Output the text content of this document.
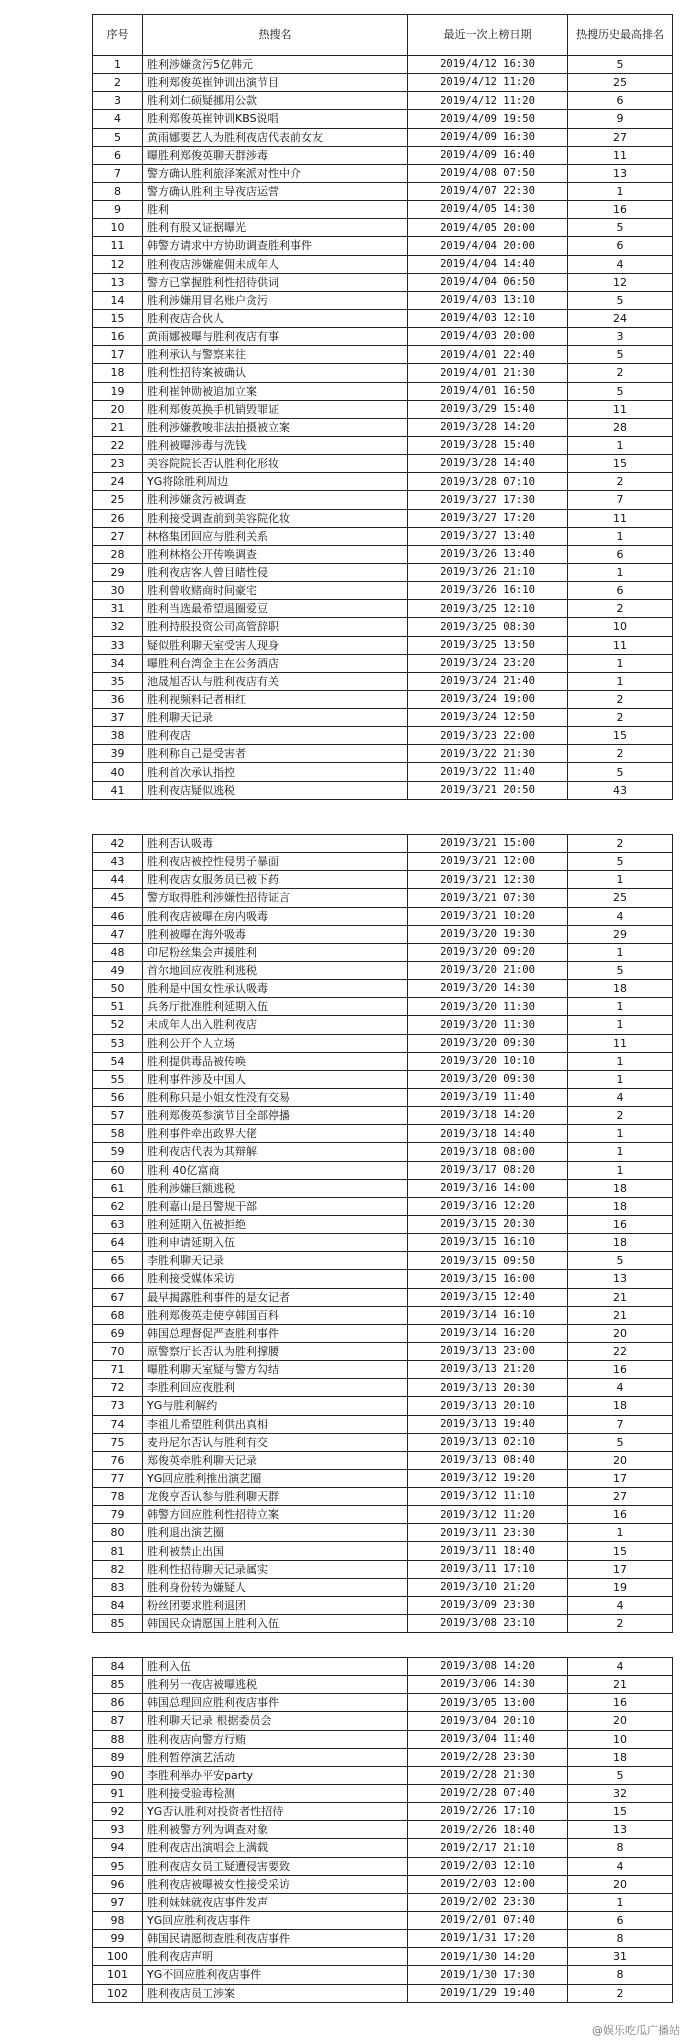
序号	热搜名	最近一次上榜日期	热搜历史最高排名
1	胜利涉嫌贪污5亿韩元	2019/4/12 16:30	5
2	胜利郑俊英崔钟训出演节目	2019/4/12 11:20	25
3	胜利刘仁硕疑挪用公款	2019/4/12 11:20	6
4	胜利郑俊英崔钟训KBS说唱	2019/4/09 19:50	9
5	黄雨娜要艺人为胜利夜店代表前女友	2019/4/09 16:30	27
6	曝胜利郑俊英聊天群涉毒	2019/4/09 16:40	11
7	警方确认胜利旅泽案派对性中介	2019/4/08 07:50	13
8	警方确认胜利主导夜店运营	2019/4/07 22:30	1
9	胜利	2019/4/05 14:30	16
10	胜利有股又证据曝光	2019/4/05 20:00	5
11	韩警方请求中方协助调查胜利事件	2019/4/04 20:00	6
12	胜利夜店涉嫌雇佣未成年人	2019/4/04 14:40	4
13	警方已掌握胜利性招待供词	2019/4/04 06:50	12
14	胜利涉嫌用冒名账户贪污	2019/4/03 13:10	5
15	胜利夜店合伙人	2019/4/03 12:10	24
16	黄雨娜被曝与胜利夜店有事	2019/4/03 20:00	3
17	胜利承认与警察来往	2019/4/01 22:40	5
18	胜利性招待案被确认	2019/4/01 21:30	2
19	胜利崔钟勋被追加立案	2019/4/01 16:50	5
20	胜利郑俊英换手机销毁罪证	2019/3/29 15:40	11
21	胜利涉嫌教唆非法拍摄被立案	2019/3/28 14:20	28
22	胜利被曝涉毒与洗钱	2019/3/28 15:40	1
23	美容院院长否认胜利化形妆	2019/3/28 14:40	15
24	YG将除胜利周边	2019/3/28 07:10	2
25	胜利涉嫌贪污被调查	2019/3/27 17:30	7
26	胜利接受调查前到美容院化妆	2019/3/27 17:20	11
27	林格集团回应与胜利关系	2019/3/27 13:40	1
28	胜利林格公开传唤调查	2019/3/26 13:40	6
29	胜利夜店客人曾目睹性侵	2019/3/26 21:10	1
30	胜利曾收赌商时间豪宅	2019/3/26 16:10	6
31	胜利当选最希望退圈爱豆	2019/3/25 12:10	2
32	胜利持股投资公司高管辞职	2019/3/25 08:30	10
33	疑似胜利聊天室受害人现身	2019/3/25 13:50	11
34	曝胜利台湾金主在公务酒店	2019/3/24 23:20	1
35	池晟旭否认与胜利夜店有关	2019/3/24 21:40	1
36	胜利视频料记者相红	2019/3/24 19:00	2
37	胜利聊天记录	2019/3/24 12:50	2
38	胜利夜店	2019/3/23 22:00	15
39	胜利称自己是受害者	2019/3/22 21:30	2
40	胜利首次承认指控	2019/3/22 11:40	5
41	胜利夜店疑似逃税	2019/3/21 20:50	43
42	胜利否认吸毒	2019/3/21 15:00	2
43	胜利夜店被控性侵男子暴面	2019/3/21 12:00	5
44	胜利夜店女服务员已被下药	2019/3/21 12:30	1
45	警方取得胜利涉嫌性招待证言	2019/3/21 07:30	25
46	胜利夜店被曝在房内吸毒	2019/3/21 10:20	4
47	胜利被曝在海外吸毒	2019/3/20 19:30	29
48	印尼粉丝集会声援胜利	2019/3/20 09:20	1
49	首尔地回应夜胜利逃税	2019/3/20 21:00	5
50	胜利是中国女性承认吸毒	2019/3/20 14:30	18
51	兵务厅批准胜利延期入伍	2019/3/20 11:30	1
52	未成年人出入胜利夜店	2019/3/20 11:30	1
53	胜利公开个人立场	2019/3/20 09:30	11
54	胜利提供毒品被传唤	2019/3/20 10:10	1
55	胜利事件涉及中国人	2019/3/20 09:30	1
56	胜利称只是小姐女性没有交易	2019/3/19 11:40	4
57	胜利郑俊英参演节目全部停播	2019/3/18 14:20	2
58	胜利事件牵出政界大佬	2019/3/18 14:40	1
59	胜利夜店代表为其辩解	2019/3/18 08:00	1
60	胜利 40亿富商	2019/3/17 08:20	1
61	胜利涉嫌巨额逃税	2019/3/16 14:00	18
62	胜利嘉山是吕警规干部	2019/3/16 12:20	18
63	胜利延期入伍被拒绝	2019/3/15 20:30	16
64	胜利申请延期入伍	2019/3/15 16:10	18
65	李胜利聊天记录	2019/3/15 09:50	5
66	胜利接受媒体采访	2019/3/15 16:00	13
67	最早揭露胜利事件的是女记者	2019/3/15 12:40	21
68	胜利郑俊英走使亨韩国百科	2019/3/14 16:10	21
69	韩国总理督促严查胜利事件	2019/3/14 16:20	20
70	原警察厅长否认为胜利撑腰	2019/3/13 23:00	22
71	曝胜利聊天室疑与警方勾结	2019/3/13 21:20	16
72	李胜利回应夜胜利	2019/3/13 20:30	4
73	YG与胜利解约	2019/3/13 20:10	18
74	李祖儿希望胜利供出真相	2019/3/13 19:40	7
75	麦丹尼尔否认与胜利有交	2019/3/13 02:10	5
76	郑俊英牵胜利聊天记录	2019/3/13 08:40	20
77	YG回应胜利推出演艺圈	2019/3/12 19:20	17
78	龙俊亨否认参与胜利聊天群	2019/3/12 11:10	27
79	韩警方回应胜利性招待立案	2019/3/12 11:20	16
80	胜利退出演艺圈	2019/3/11 23:30	1
81	胜利被禁止出国	2019/3/11 18:40	15
82	胜利性招待聊天记录属实	2019/3/11 17:10	17
83	胜利身份转为嫌疑人	2019/3/10 21:20	19
84	粉丝团要求胜利退团	2019/3/09 23:30	4
85	韩国民众请愿国上胜利入伍	2019/3/08 23:10	2
84	胜利入伍	2019/3/08 14:20	4
85	胜利另一夜店被曝逃税	2019/3/06 14:30	21
86	韩国总理回应胜利夜店事件	2019/3/05 13:00	16
87	胜利聊天记录 根据委员会	2019/3/04 20:10	20
88	胜利夜店向警方行贿	2019/3/04 11:40	10
89	胜利暂停演艺活动	2019/2/28 23:30	18
90	李胜利举办平安party	2019/2/28 21:30	5
91	胜利接受验毒检测	2019/2/28 07:40	32
92	YG否认胜利对投资者性招待	2019/2/26 17:10	15
93	胜利被警方列为调查对象	2019/2/26 18:40	13
94	胜利夜店出演唱会上满载	2019/2/17 21:10	8
95	胜利夜店女员工疑遭侵害要致	2019/2/03 12:10	4
96	胜利夜店被曝被女性接受采访	2019/2/03 12:00	20
97	胜利妹妹就夜店事件发声	2019/2/02 23:30	1
98	YG回应胜利夜店事件	2019/2/01 07:40	6
99	韩国民请愿彻查胜利夜店事件	2019/1/31 17:20	8
100	胜利夜店声明	2019/1/30 14:20	31
101	YG不回应胜利夜店事件	2019/1/30 17:30	8
102	胜利夜店员工涉案	2019/1/29 19:40	2
@娱乐吃瓜广播站
